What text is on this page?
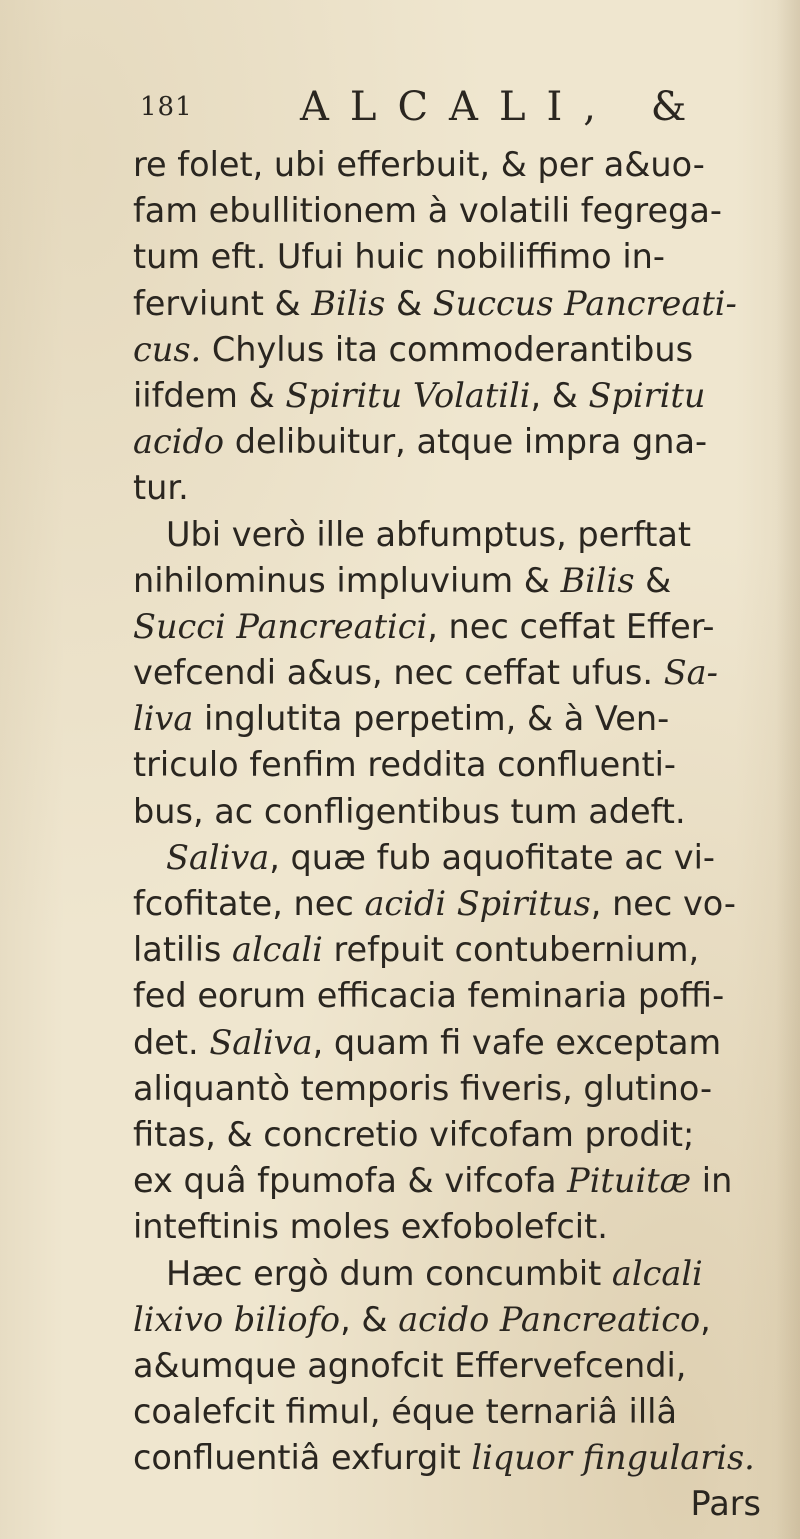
181	ALCALI, &
re folet, ubi efferbuit, & per a&uo-
fam ebullitionem à volatili fegrega-
tum eft. Ufui huic nobiliffimo in-
ferviunt & Bilis & Succus Pancreati-
cus. Chylus ita commoderantibus
iifdem & Spiritu Volatili, & Spiritu
acido delibuitur, atque impra gna-
tur.
Ubi verò ille abfumptus, perftat
nihilominus impluvium & Bilis &
Succi Pancreatici, nec ceffat Effer-
vefcendi a&us, nec ceffat ufus. Sa-
liva inglutita perpetim, & à Ven-
triculo fenfim reddita confluenti-
bus, ac confligentibus tum adeft.
Saliva, quæ fub aquofitate ac vi-
fcofitate, nec acidi Spiritus, nec vo-
latilis alcali refpuit contubernium,
fed eorum efficacia feminaria poffi-
det. Saliva, quam fi vafe exceptam
aliquantò temporis fiveris, glutino-
fitas, & concretio vifcofam prodit;
ex quâ fpumofa & vifcofa Pituitæ in
inteftinis moles exfobolefcit.
Hæc ergò dum concumbit alcali
lixivo biliofo, & acido Pancreatico,
a&umque agnofcit Effervefcendi,
coalefcit fimul, éque ternariâ illâ
confluentiâ exfurgit liquor fingularis.
Pars
